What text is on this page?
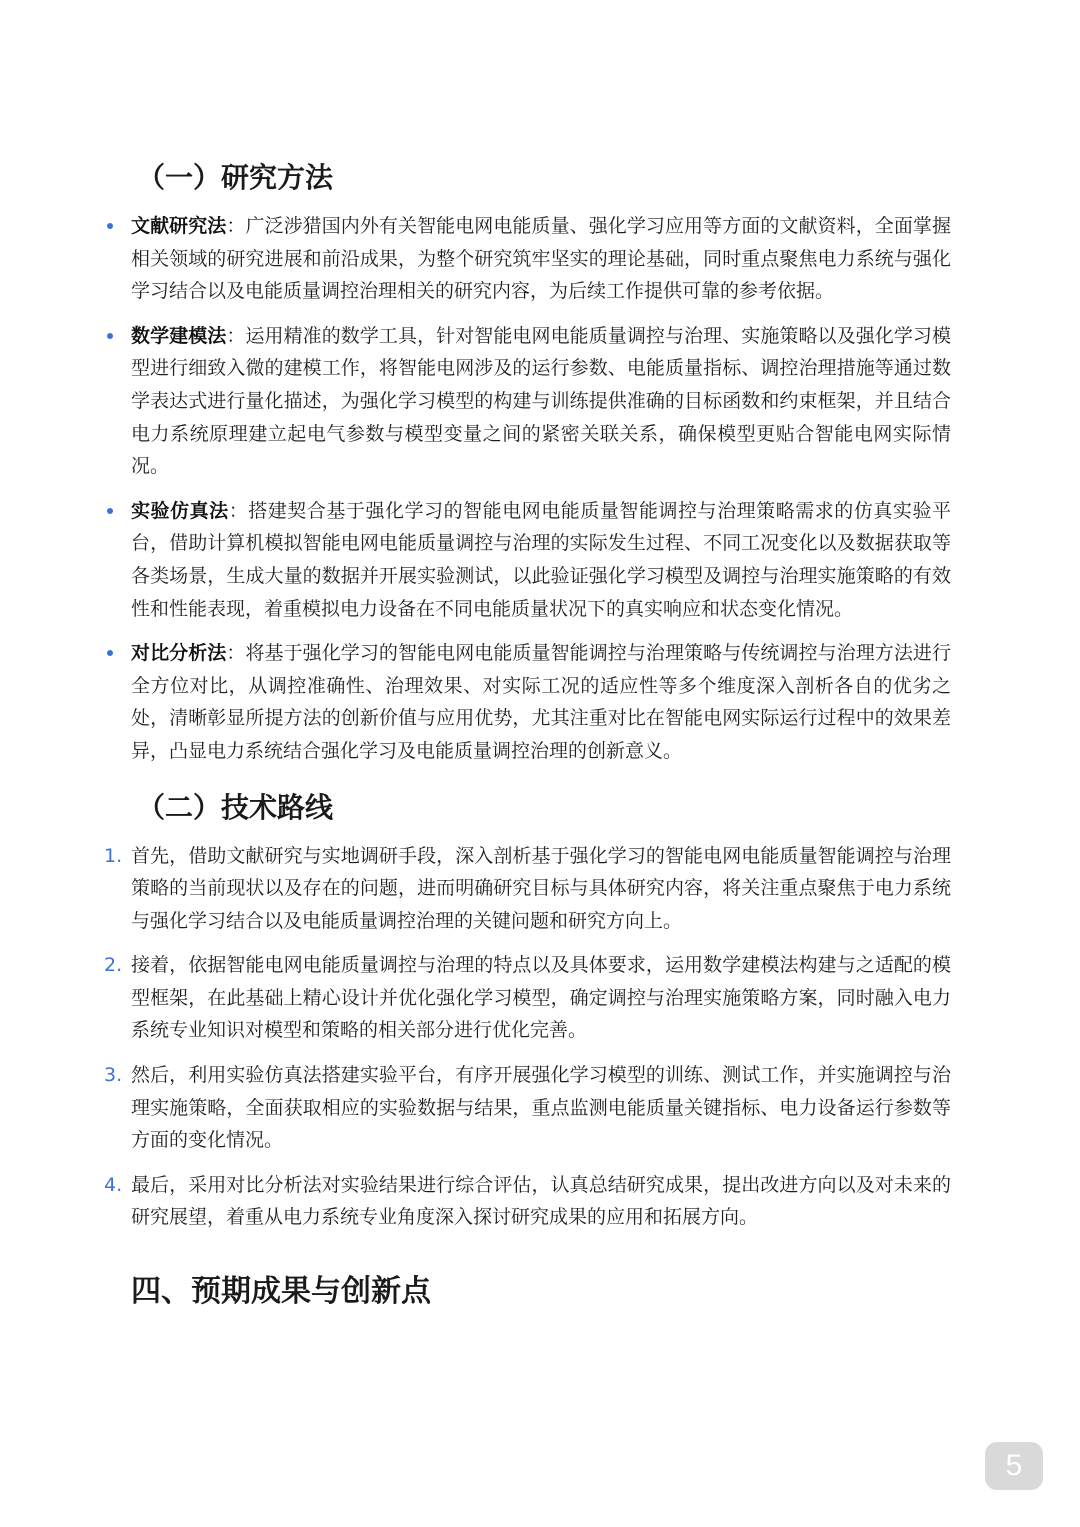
（一）研究方法
文献研究法：广泛涉猎国内外有关智能电网电能质量、强化学习应用等方面的文献资料，全面掌握相关领域的研究进展和前沿成果，为整个研究筑牢坚实的理论基础，同时重点聚焦电力系统与强化学习结合以及电能质量调控治理相关的研究内容，为后续工作提供可靠的参考依据。
数学建模法：运用精准的数学工具，针对智能电网电能质量调控与治理、实施策略以及强化学习模型进行细致入微的建模工作，将智能电网涉及的运行参数、电能质量指标、调控治理措施等通过数学表达式进行量化描述，为强化学习模型的构建与训练提供准确的目标函数和约束框架，并且结合电力系统原理建立起电气参数与模型变量之间的紧密关联关系，确保模型更贴合智能电网实际情况。
实验仿真法：搭建契合基于强化学习的智能电网电能质量智能调控与治理策略需求的仿真实验平台，借助计算机模拟智能电网电能质量调控与治理的实际发生过程、不同工况变化以及数据获取等各类场景，生成大量的数据并开展实验测试，以此验证强化学习模型及调控与治理实施策略的有效性和性能表现，着重模拟电力设备在不同电能质量状况下的真实响应和状态变化情况。
对比分析法：将基于强化学习的智能电网电能质量智能调控与治理策略与传统调控与治理方法进行全方位对比，从调控准确性、治理效果、对实际工况的适应性等多个维度深入剖析各自的优劣之处，清晰彰显所提方法的创新价值与应用优势，尤其注重对比在智能电网实际运行过程中的效果差异，凸显电力系统结合强化学习及电能质量调控治理的创新意义。
（二）技术路线
1. 首先，借助文献研究与实地调研手段，深入剖析基于强化学习的智能电网电能质量智能调控与治理策略的当前现状以及存在的问题，进而明确研究目标与具体研究内容，将关注重点聚焦于电力系统与强化学习结合以及电能质量调控治理的关键问题和研究方向上。
2. 接着，依据智能电网电能质量调控与治理的特点以及具体要求，运用数学建模法构建与之适配的模型框架，在此基础上精心设计并优化强化学习模型，确定调控与治理实施策略方案，同时融入电力系统专业知识对模型和策略的相关部分进行优化完善。
3. 然后，利用实验仿真法搭建实验平台，有序开展强化学习模型的训练、测试工作，并实施调控与治理实施策略，全面获取相应的实验数据与结果，重点监测电能质量关键指标、电力设备运行参数等方面的变化情况。
4. 最后，采用对比分析法对实验结果进行综合评估，认真总结研究成果，提出改进方向以及对未来的研究展望，着重从电力系统专业角度深入探讨研究成果的应用和拓展方向。
四、预期成果与创新点
5
